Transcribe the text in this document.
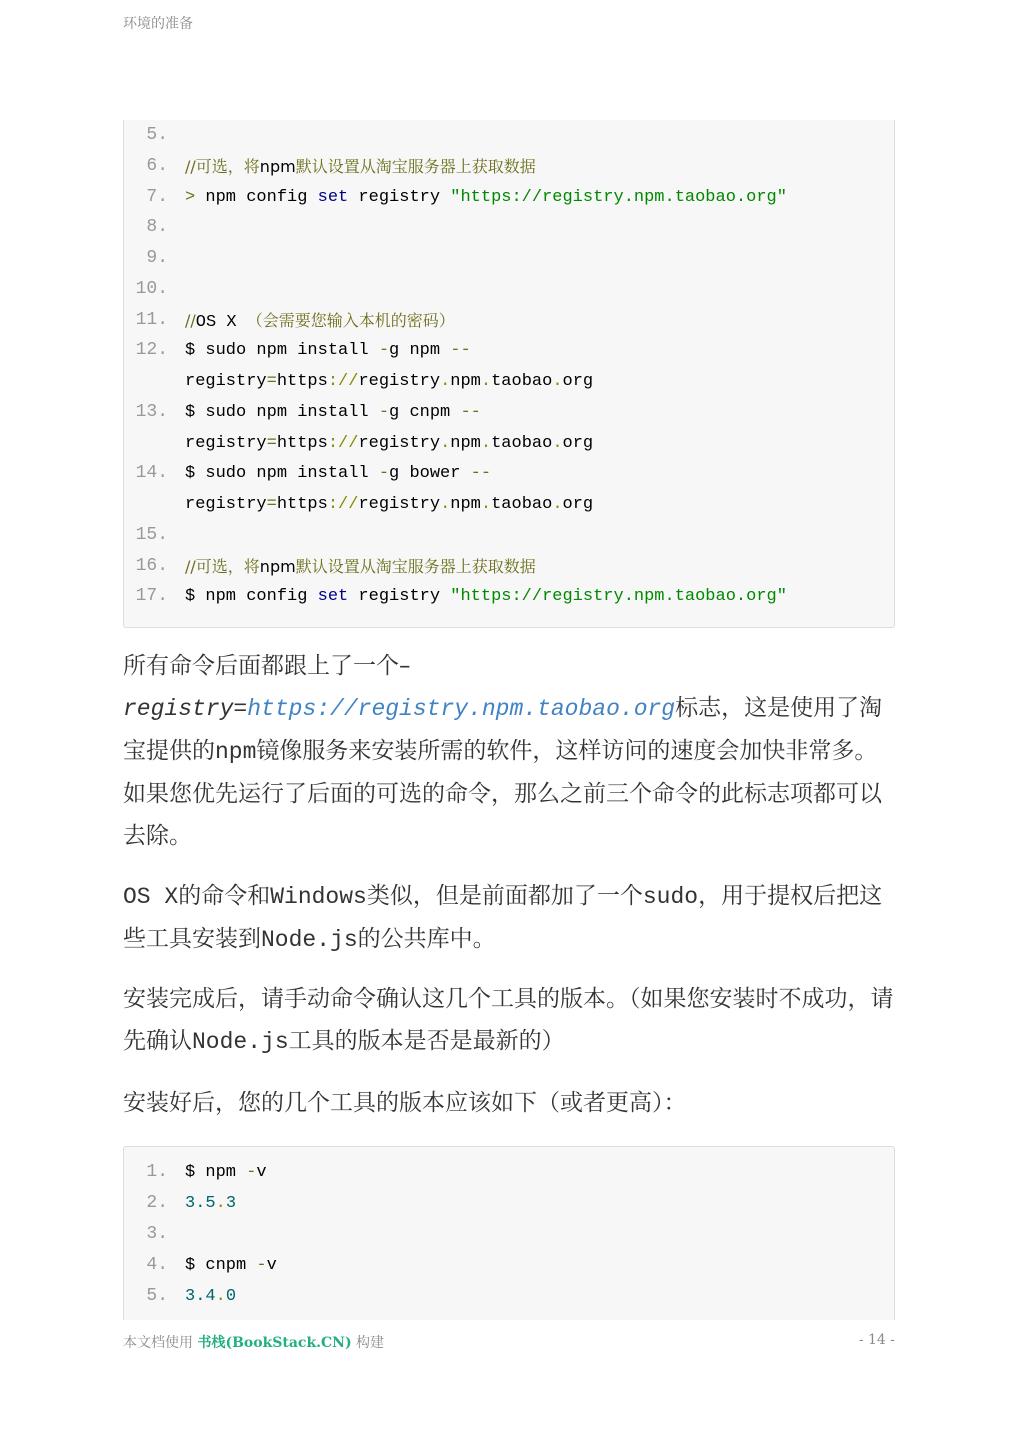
环境的准备
5.
6. //可选，将npm默认设置从淘宝服务器上获取数据
7. > npm config set registry "https://registry.npm.taobao.org"
8.
9.
10.
11. //OS X （会需要您输入本机的密码）
12. $ sudo npm install -g npm --
registry=https://registry.npm.taobao.org
13. $ sudo npm install -g cnpm --
registry=https://registry.npm.taobao.org
14. $ sudo npm install -g bower --
registry=https://registry.npm.taobao.org
15.
16. //可选，将npm默认设置从淘宝服务器上获取数据
17. $ npm config set registry "https://registry.npm.taobao.org"
所有命令后面都跟上了一个–
registry=https://registry.npm.taobao.org标志，这是使用了淘宝提供的npm镜像服务来安装所需的软件，这样访问的速度会加快非常多。如果您优先运行了后面的可选的命令，那么之前三个命令的此标志项都可以去除。
OS X的命令和Windows类似，但是前面都加了一个sudo，用于提权后把这些工具安装到Node.js的公共库中。
安装完成后，请手动命令确认这几个工具的版本。（如果您安装时不成功，请先确认Node.js工具的版本是否是最新的）
安装好后，您的几个工具的版本应该如下（或者更高）：
1. $ npm -v
2. 3.5.3
3.
4. $ cnpm -v
5. 3.4.0
本文档使用 书栈(BookStack.CN) 构建	- 14 -
